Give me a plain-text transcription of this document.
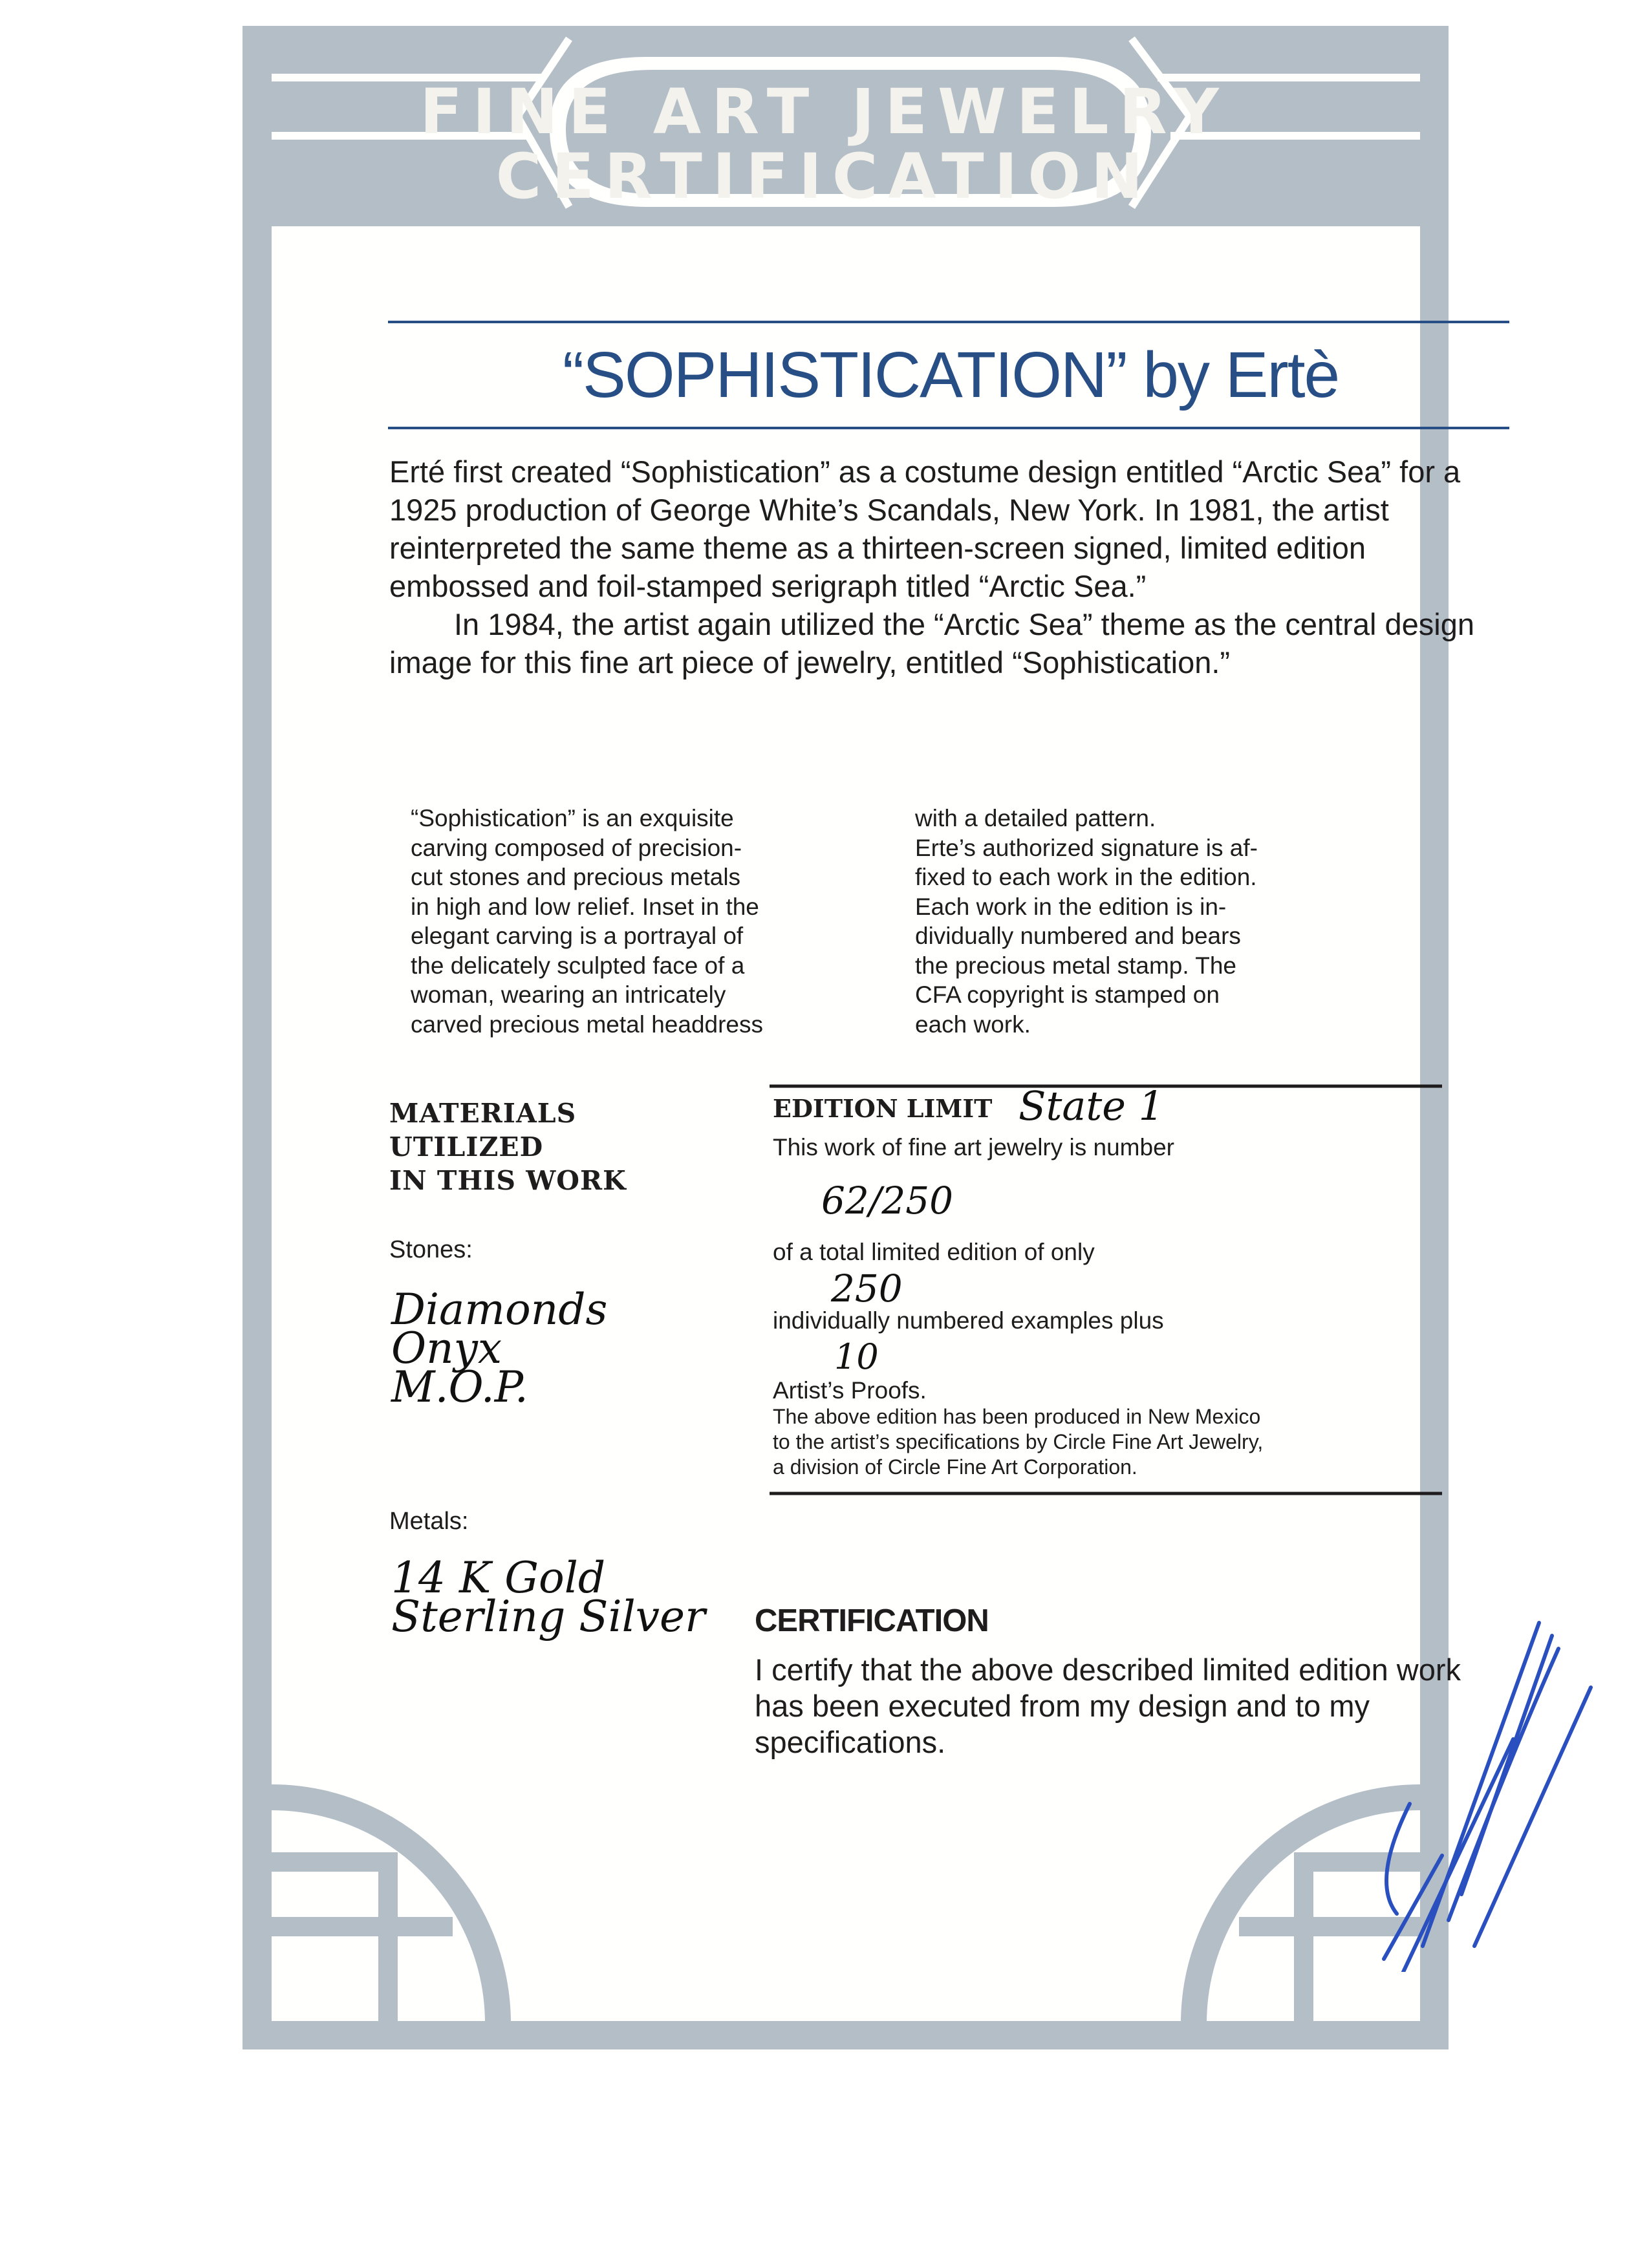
FINE ART JEWELRY
CERTIFICATION
“SOPHISTICATION” by Ertè

Erté first created “Sophistication” as a costume design entitled “Arctic Sea” for a 1925 production of George White’s Scandals, New York. In 1981, the artist reinterpreted the same theme as a thirteen-screen signed, limited edition embossed and foil-stamped serigraph titled “Arctic Sea.”

In 1984, the artist again utilized the “Arctic Sea” theme as the central design image for this fine art piece of jewelry, entitled “Sophistication.”

“Sophistication” is an exquisite

carving composed of precision-

cut stones and precious metals

in high and low relief. Inset in the

elegant carving is a portrayal of

the delicately sculpted face of a

woman, wearing an intricately

carved precious metal headdress

with a detailed pattern.

Erte’s authorized signature is af-

fixed to each work in the edition.

Each work in the edition is in-

dividually numbered and bears

the precious metal stamp. The

CFA copyright is stamped on

each work.

MATERIALS
UTILIZED
IN THIS WORK
Stones:
Diamonds
Onyx
M.O.P.
Metals:
14 K Gold
Sterling Silver
EDITION LIMIT State 1
This work of fine art jewelry is number
62/250
of a total limited edition of only
250
individually numbered examples plus
10
Artist’s Proofs.
The above edition has been produced in New Mexico
to the artist’s specifications by Circle Fine Art Jewelry,
a division of Circle Fine Art Corporation.
CERTIFICATION
I certify that the above described limited edition work has been executed from my design and to my specifications.
